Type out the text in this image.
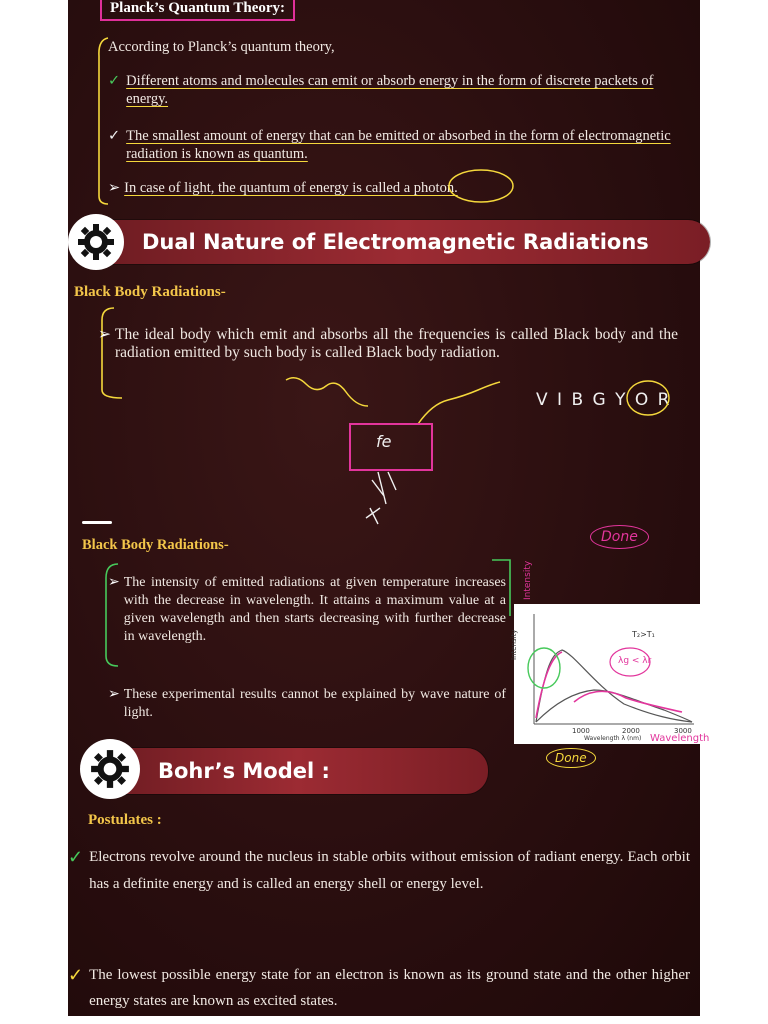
Planck’s Quantum Theory:
According to Planck’s quantum theory,
✓ Different atoms and molecules can emit or absorb energy in the form of discrete packets of energy.
✓ The smallest amount of energy that can be emitted or absorbed in the form of electromagnetic radiation is known as quantum.
➢ In case of light, the quantum of energy is called a photon.
Dual Nature of Electromagnetic Radiations
Black Body Radiations-
➢ The ideal body which emit and absorbs all the frequencies is called Black body and the radiation emitted by such body is called Black body radiation.
fe
V I B G Y O R
Black Body Radiations-	Done
➢ The intensity of emitted radiations at given temperature increases with the decrease in wavelength. It attains a maximum value at a given wavelength and then starts decreasing with further decrease in wavelength.
➢ These experimental results cannot be explained by wave nature of light.
T₂>T₁
λg < λr
Intensity
1000	2000	3000
Wavelength λ (nm)
Intensity
Wavelength
Bohr’s Model :
Done
Postulates :
✓ Electrons revolve around the nucleus in stable orbits without emission of radiant energy. Each orbit has a definite energy and is called an energy shell or energy level.
✓ The lowest possible energy state for an electron is known as its ground state and the other higher energy states are known as excited states.
